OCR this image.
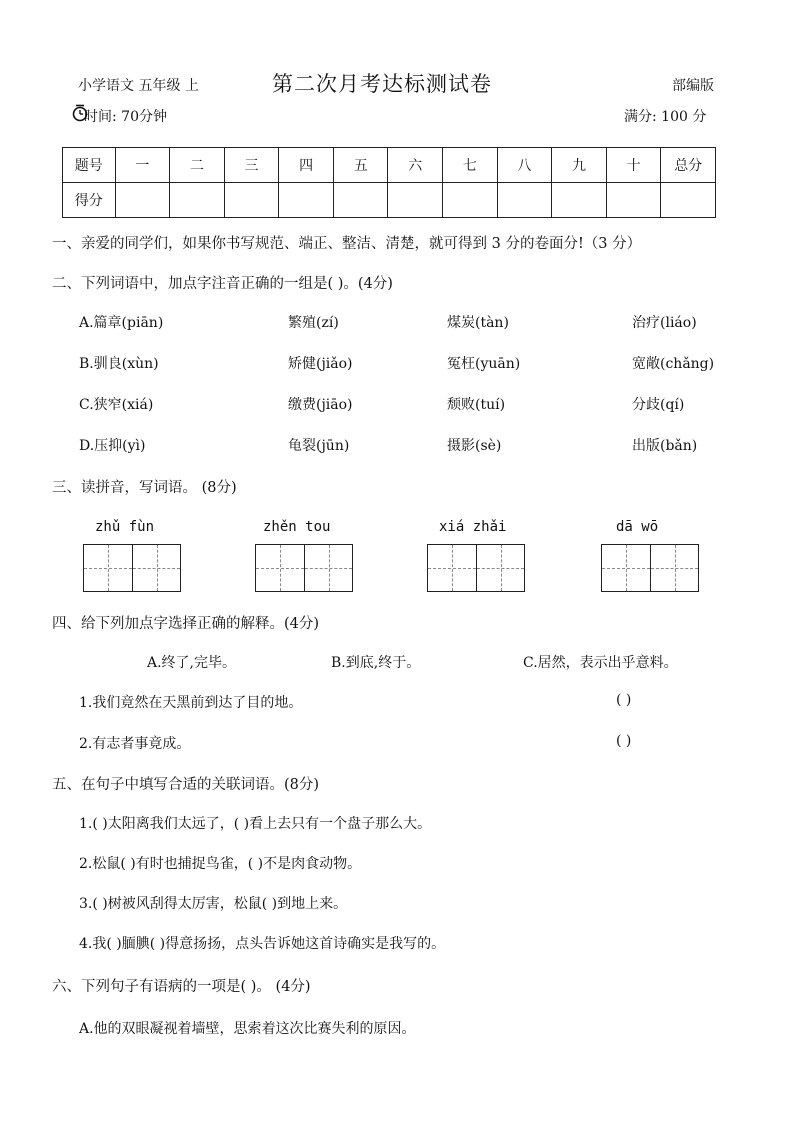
小学语文 五年级 上	第二次月考达标测试卷	部编版
时间: 70分钟	满分: 100 分
题号	一	二	三	四	五	六	七	八	九	十	总分
得分											
一、亲爱的同学们，如果你书写规范、端正、整洁、清楚，就可得到 3 分的卷面分!（3 分）
二、下列词语中，加点字注音正确的一组是( )。(4分)
A.篇章(piān)	繁殖(zí)	煤炭(tàn)	治疗(liáo)
B.驯良(xùn)	矫健(jiǎo)	冤枉(yuān)	宽敞(chǎng)
C.狭窄(xiá)	缴费(jiāo)	颓败(tuí)	分歧(qí)
D.压抑(yì)	龟裂(jūn)	摄影(sè)	出版(bǎn)
三、读拼音，写词语。 (8分)
zhǔ fùn	zhěn tou	xiá zhǎi	dā wō
四、给下列加点字选择正确的解释。(4分)
A.终了,完毕。	B.到底,终于。	C.居然，表示出乎意料。
1.我们竟然在天黑前到达了目的地。	( )
2.有志者事竟成。	( )
五、在句子中填写合适的关联词语。(8分)
1.( )太阳离我们太远了，( )看上去只有一个盘子那么大。
2.松鼠( )有时也捕捉鸟雀，( )不是肉食动物。
3.( )树被风刮得太厉害，松鼠( )到地上来。
4.我( )腼腆( )得意扬扬，点头告诉她这首诗确实是我写的。
六、下列句子有语病的一项是( )。 (4分)
A.他的双眼凝视着墙壁，思索着这次比赛失利的原因。
